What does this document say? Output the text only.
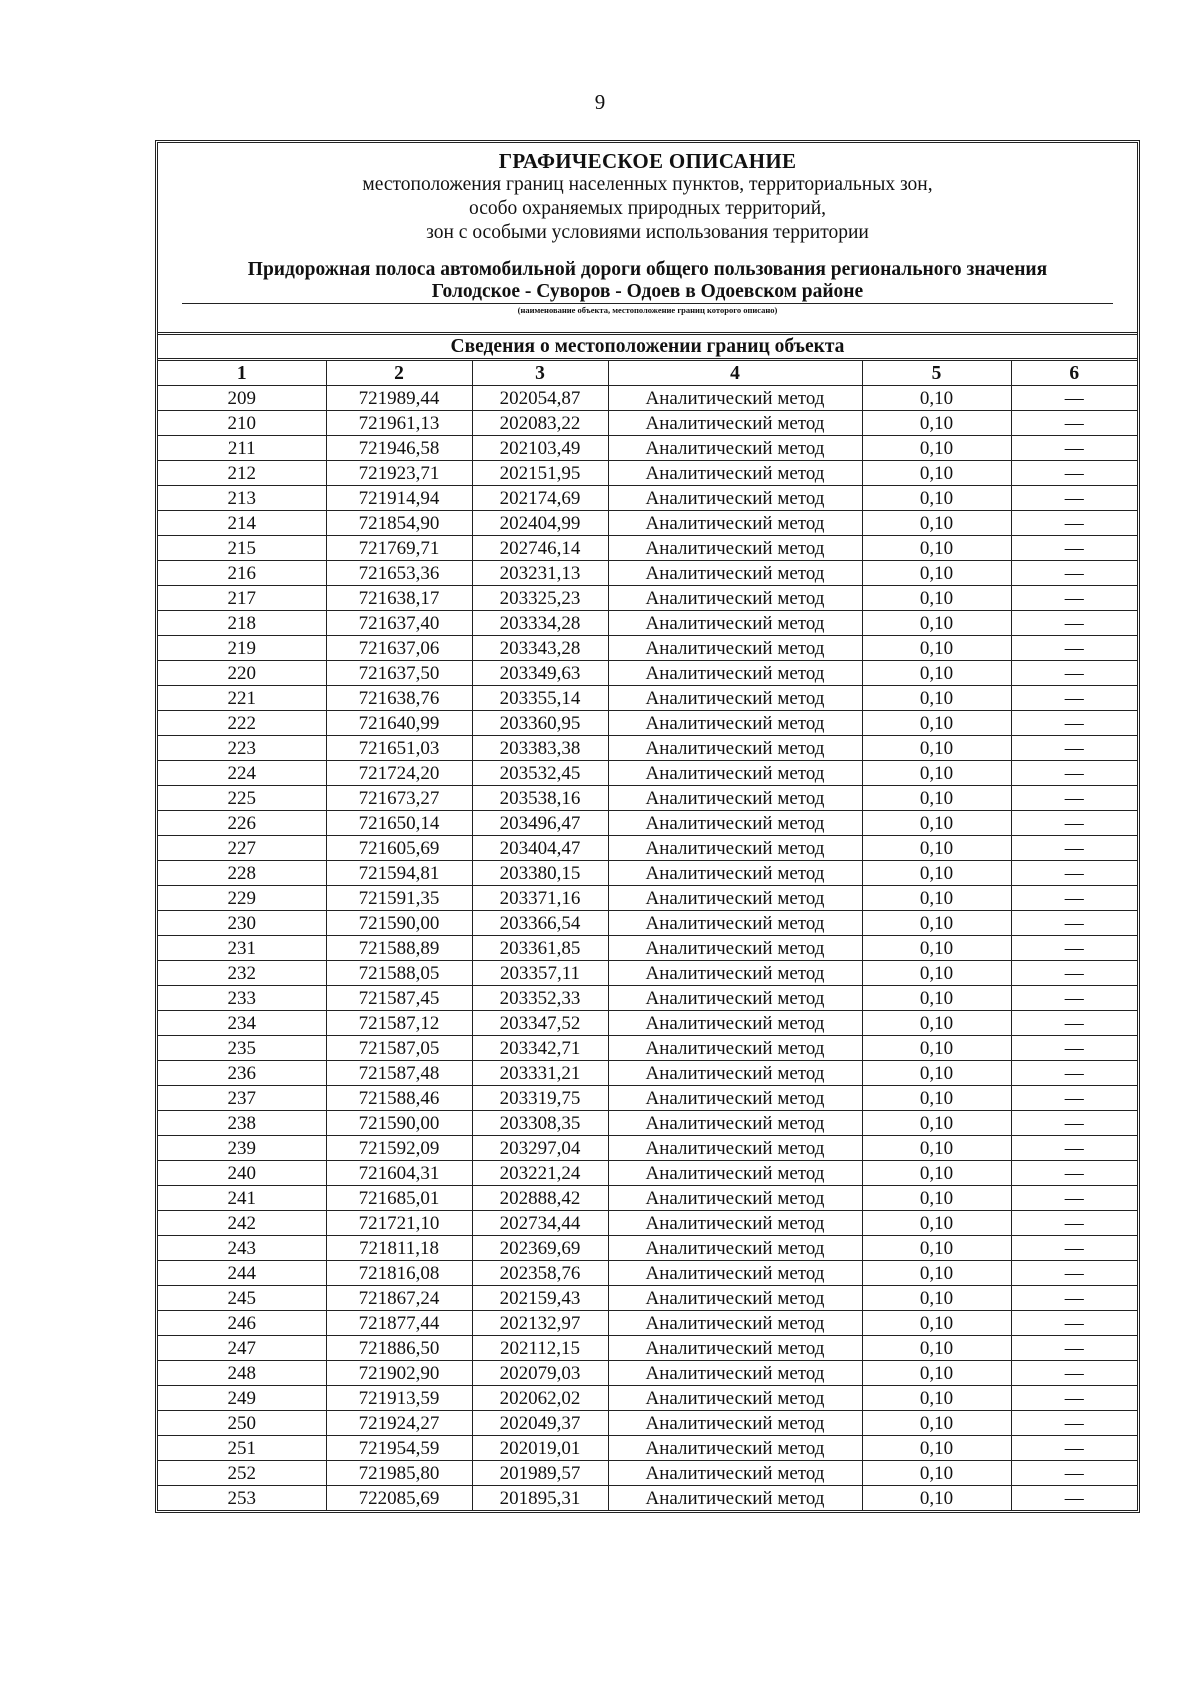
9
ГРАФИЧЕСКОЕ ОПИСАНИЕ
местоположения границ населенных пунктов, территориальных зон,
особо охраняемых природных территорий,
зон с особыми условиями использования территории
Придорожная полоса автомобильной дороги общего пользования регионального значения
Голодское - Суворов - Одоев в Одоевском районе
(наименование объекта, местоположение границ которого описано)
Сведения о местоположении границ объекта
1	2	3	4	5	6
209	721989,44	202054,87	Аналитический метод	0,10	—
210	721961,13	202083,22	Аналитический метод	0,10	—
211	721946,58	202103,49	Аналитический метод	0,10	—
212	721923,71	202151,95	Аналитический метод	0,10	—
213	721914,94	202174,69	Аналитический метод	0,10	—
214	721854,90	202404,99	Аналитический метод	0,10	—
215	721769,71	202746,14	Аналитический метод	0,10	—
216	721653,36	203231,13	Аналитический метод	0,10	—
217	721638,17	203325,23	Аналитический метод	0,10	—
218	721637,40	203334,28	Аналитический метод	0,10	—
219	721637,06	203343,28	Аналитический метод	0,10	—
220	721637,50	203349,63	Аналитический метод	0,10	—
221	721638,76	203355,14	Аналитический метод	0,10	—
222	721640,99	203360,95	Аналитический метод	0,10	—
223	721651,03	203383,38	Аналитический метод	0,10	—
224	721724,20	203532,45	Аналитический метод	0,10	—
225	721673,27	203538,16	Аналитический метод	0,10	—
226	721650,14	203496,47	Аналитический метод	0,10	—
227	721605,69	203404,47	Аналитический метод	0,10	—
228	721594,81	203380,15	Аналитический метод	0,10	—
229	721591,35	203371,16	Аналитический метод	0,10	—
230	721590,00	203366,54	Аналитический метод	0,10	—
231	721588,89	203361,85	Аналитический метод	0,10	—
232	721588,05	203357,11	Аналитический метод	0,10	—
233	721587,45	203352,33	Аналитический метод	0,10	—
234	721587,12	203347,52	Аналитический метод	0,10	—
235	721587,05	203342,71	Аналитический метод	0,10	—
236	721587,48	203331,21	Аналитический метод	0,10	—
237	721588,46	203319,75	Аналитический метод	0,10	—
238	721590,00	203308,35	Аналитический метод	0,10	—
239	721592,09	203297,04	Аналитический метод	0,10	—
240	721604,31	203221,24	Аналитический метод	0,10	—
241	721685,01	202888,42	Аналитический метод	0,10	—
242	721721,10	202734,44	Аналитический метод	0,10	—
243	721811,18	202369,69	Аналитический метод	0,10	—
244	721816,08	202358,76	Аналитический метод	0,10	—
245	721867,24	202159,43	Аналитический метод	0,10	—
246	721877,44	202132,97	Аналитический метод	0,10	—
247	721886,50	202112,15	Аналитический метод	0,10	—
248	721902,90	202079,03	Аналитический метод	0,10	—
249	721913,59	202062,02	Аналитический метод	0,10	—
250	721924,27	202049,37	Аналитический метод	0,10	—
251	721954,59	202019,01	Аналитический метод	0,10	—
252	721985,80	201989,57	Аналитический метод	0,10	—
253	722085,69	201895,31	Аналитический метод	0,10	—
